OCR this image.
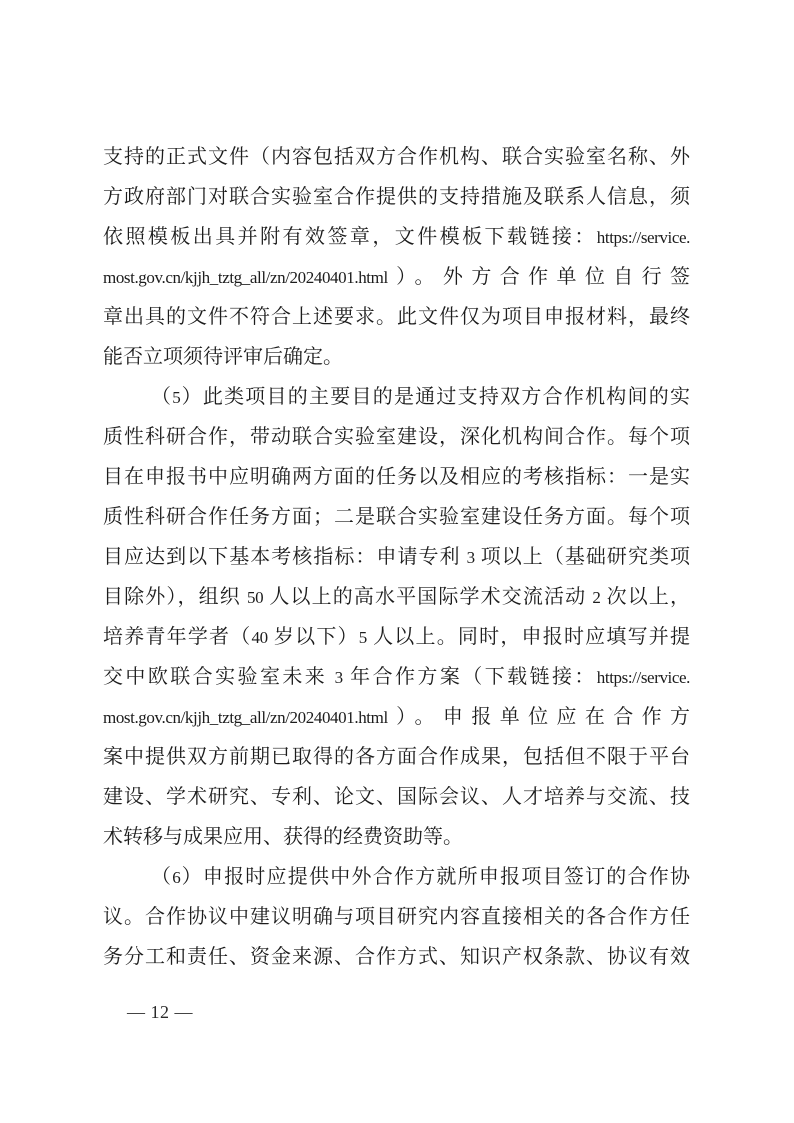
支持的正式文件（内容包括双方合作机构、联合实验室名称、外
方政府部门对联合实验室合作提供的支持措施及联系人信息，须
依照模板出具并附有效签章，文件模板下载链接：https://service.
most.gov.cn/kjjh_tztg_all/zn/20240401.html）。外方合作单位自行签
章出具的文件不符合上述要求。此文件仅为项目申报材料，最终
能否立项须待评审后确定。
（5）此类项目的主要目的是通过支持双方合作机构间的实
质性科研合作，带动联合实验室建设，深化机构间合作。每个项
目在申报书中应明确两方面的任务以及相应的考核指标：一是实
质性科研合作任务方面；二是联合实验室建设任务方面。每个项
目应达到以下基本考核指标：申请专利 3 项以上（基础研究类项
目除外），组织 50 人以上的高水平国际学术交流活动 2 次以上，
培养青年学者（40 岁以下）5 人以上。同时，申报时应填写并提
交中欧联合实验室未来 3 年合作方案（下载链接：https://service.
most.gov.cn/kjjh_tztg_all/zn/20240401.html）。申报单位应在合作方
案中提供双方前期已取得的各方面合作成果，包括但不限于平台
建设、学术研究、专利、论文、国际会议、人才培养与交流、技
术转移与成果应用、获得的经费资助等。
（6）申报时应提供中外合作方就所申报项目签订的合作协
议。合作协议中建议明确与项目研究内容直接相关的各合作方任
务分工和责任、资金来源、合作方式、知识产权条款、协议有效
— 12 —
